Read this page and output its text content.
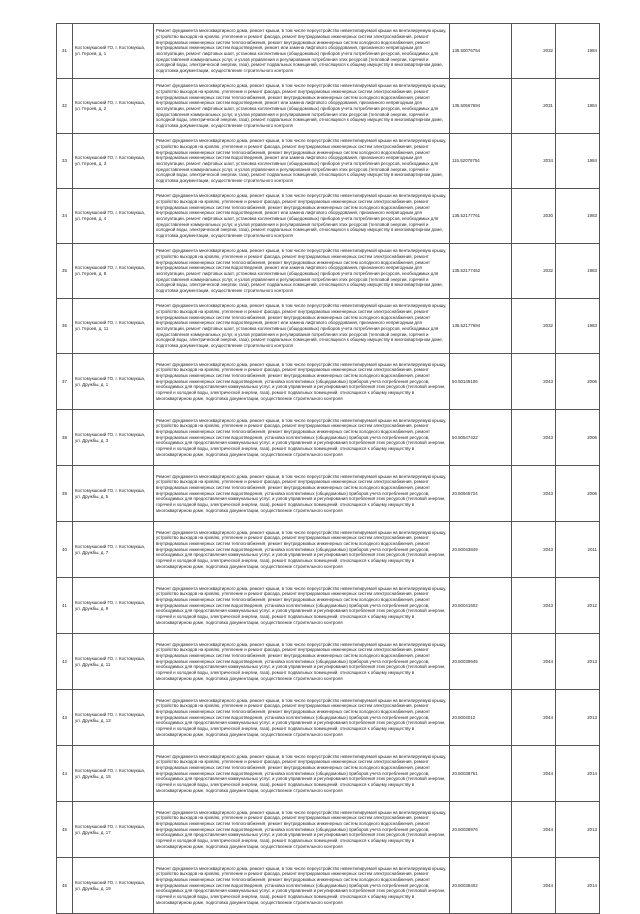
31	Костомукшский ГО, г. Костомукша, ул. Героев, д. 1	Ремонт фундамента многоквартирного дома, ремонт крыши, в том числе переустройство невентилируемой крыши на вентилируемую крышу, устройство выходов на кровлю, утепление и ремонт фасада, ремонт внутридомовых инженерных систем электроснабжения, ремонт внутридомовых инженерных систем теплоснабжения, ремонт внутридомовых инженерных систем холодного водоснабжения, ремонт внутридомовых инженерных систем водоотведения, ремонт или замена лифтового оборудования, признанного непригодным для эксплуатации, ремонт лифтовых шахт, установка коллективных (общедомовых) приборов учета потребления ресурсов, необходимых для предоставления коммунальных услуг, и узлов управления и регулирования потребления этих ресурсов (тепловой энергии, горячей и холодной воды, электрической энергии, газа), ремонт подвальных помещений, относящихся к общему имуществу в многоквартирном доме, подготовка документации, осуществление строительного контроля	135.50076754	2032	1984
32	Костомукшский ГО, г. Костомукша, ул. Героев, д. 2	Ремонт фундамента многоквартирного дома, ремонт крыши, в том числе переустройство невентилируемой крыши на вентилируемую крышу, устройство выходов на кровлю, утепление и ремонт фасада, ремонт внутридомовых инженерных систем электроснабжения, ремонт внутридомовых инженерных систем теплоснабжения, ремонт внутридомовых инженерных систем холодного водоснабжения, ремонт внутридомовых инженерных систем водоотведения, ремонт или замена лифтового оборудования, признанного непригодным для эксплуатации, ремонт лифтовых шахт, установка коллективных (общедомовых) приборов учета потребления ресурсов, необходимых для предоставления коммунальных услуг, и узлов управления и регулирования потребления этих ресурсов (тепловой энергии, горячей и холодной воды, электрической энергии, газа), ремонт подвальных помещений, относящихся к общему имуществу в многоквартирном доме, подготовка документации, осуществление строительного контроля	135.50567694	2031	1984
33	Костомукшский ГО, г. Костомукша, ул. Героев, д. 3	Ремонт фундамента многоквартирного дома, ремонт крыши, в том числе переустройство невентилируемой крыши на вентилируемую крышу, устройство выходов на кровлю, утепление и ремонт фасада, ремонт внутридомовых инженерных систем электроснабжения, ремонт внутридомовых инженерных систем теплоснабжения, ремонт внутридомовых инженерных систем холодного водоснабжения, ремонт внутридомовых инженерных систем водоотведения, ремонт или замена лифтового оборудования, признанного непригодным для эксплуатации, ремонт лифтовых шахт, установка коллективных (общедомовых) приборов учета потребления ресурсов, необходимых для предоставления коммунальных услуг, и узлов управления и регулирования потребления этих ресурсов (тепловой энергии, горячей и холодной воды, электрической энергии, газа), ремонт подвальных помещений, относящихся к общему имуществу в многоквартирном доме, подготовка документации, осуществление строительного контроля	115.52076754	2034	1984
34	Костомукшский ГО, г. Костомукша, ул. Героев, д. 4	Ремонт фундамента многоквартирного дома, ремонт крыши, в том числе переустройство невентилируемой крыши на вентилируемую крышу, устройство выходов на кровлю, утепление и ремонт фасада, ремонт внутридомовых инженерных систем электроснабжения, ремонт внутридомовых инженерных систем теплоснабжения, ремонт внутридомовых инженерных систем холодного водоснабжения, ремонт внутридомовых инженерных систем водоотведения, ремонт или замена лифтового оборудования, признанного непригодным для эксплуатации, ремонт лифтовых шахт, установка коллективных (общедомовых) приборов учета потребления ресурсов, необходимых для предоставления коммунальных услуг, и узлов управления и регулирования потребления этих ресурсов (тепловой энергии, горячей и холодной воды, электрической энергии, газа), ремонт подвальных помещений, относящихся к общему имуществу в многоквартирном доме, подготовка документации, осуществление строительного контроля	135.52177761	2030	1983
35	Костомукшский ГО, г. Костомукша, ул. Героев, д. 8	Ремонт фундамента многоквартирного дома, ремонт крыши, в том числе переустройство невентилируемой крыши на вентилируемую крышу, устройство выходов на кровлю, утепление и ремонт фасада, ремонт внутридомовых инженерных систем электроснабжения, ремонт внутридомовых инженерных систем теплоснабжения, ремонт внутридомовых инженерных систем холодного водоснабжения, ремонт внутридомовых инженерных систем водоотведения, ремонт или замена лифтового оборудования, признанного непригодным для эксплуатации, ремонт лифтовых шахт, установка коллективных (общедомовых) приборов учета потребления ресурсов, необходимых для предоставления коммунальных услуг, и узлов управления и регулирования потребления этих ресурсов (тепловой энергии, горячей и холодной воды, электрической энергии, газа), ремонт подвальных помещений, относящихся к общему имуществу в многоквартирном доме, подготовка документации, осуществление строительного контроля	135.52177462	2032	1983
36	Костомукшский ГО, г. Костомукша, ул. Героев, д. 11	Ремонт фундамента многоквартирного дома, ремонт крыши, в том числе переустройство невентилируемой крыши на вентилируемую крышу, устройство выходов на кровлю, утепление и ремонт фасада, ремонт внутридомовых инженерных систем электроснабжения, ремонт внутридомовых инженерных систем теплоснабжения, ремонт внутридомовых инженерных систем холодного водоснабжения, ремонт внутридомовых инженерных систем водоотведения, ремонт или замена лифтового оборудования, признанного непригодным для эксплуатации, ремонт лифтовых шахт, установка коллективных (общедомовых) приборов учета потребления ресурсов, необходимых для предоставления коммунальных услуг, и узлов управления и регулирования потребления этих ресурсов (тепловой энергии, горячей и холодной воды, электрической энергии, газа), ремонт подвальных помещений, относящихся к общему имуществу в многоквартирном доме, подготовка документации, осуществление строительного контроля	135.52177694	2032	1983
37	Костомукшский ГО, г. Костомукша, ул. Дружбы, д. 1	Ремонт фундамента многоквартирного дома, ремонт крыши, в том числе переустройство невентилируемой крыши на вентилируемую крышу, устройство выходов на кровлю, утепление и ремонт фасада, ремонт внутридомовых инженерных систем электроснабжения, ремонт внутридомовых инженерных систем теплоснабжения, ремонт внутридомовых инженерных систем холодного водоснабжения, ремонт внутридомовых инженерных систем водоотведения, установка коллективных (общедомовых) приборов учета потребления ресурсов, необходимых для предоставления коммунальных услуг, и узлов управления и регулирования потребления этих ресурсов (тепловой энергии, горячей и холодной воды, электрической энергии, газа), ремонт подвальных помещений, относящихся к общему имуществу в многоквартирном доме, подготовка документации, осуществление строительного контроля	50.50149106	2043	2006
38	Костомукшский ГО, г. Костомукша, ул. Дружбы, д. 3	Ремонт фундамента многоквартирного дома, ремонт крыши, в том числе переустройство невентилируемой крыши на вентилируемую крышу, устройство выходов на кровлю, утепление и ремонт фасада, ремонт внутридомовых инженерных систем электроснабжения, ремонт внутридомовых инженерных систем теплоснабжения, ремонт внутридомовых инженерных систем холодного водоснабжения, ремонт внутридомовых инженерных систем водоотведения, установка коллективных (общедомовых) приборов учета потребления ресурсов, необходимых для предоставления коммунальных услуг, и узлов управления и регулирования потребления этих ресурсов (тепловой энергии, горячей и холодной воды, электрической энергии, газа), ремонт подвальных помещений, относящихся к общему имуществу в многоквартирном доме, подготовка документации, осуществление строительного контроля	50.50547422	2043	2006
39	Костомукшский ГО, г. Костомукша, ул. Дружбы, д. 5	Ремонт фундамента многоквартирного дома, ремонт крыши, в том числе переустройство невентилируемой крыши на вентилируемую крышу, устройство выходов на кровлю, утепление и ремонт фасада, ремонт внутридомовых инженерных систем электроснабжения, ремонт внутридомовых инженерных систем теплоснабжения, ремонт внутридомовых инженерных систем холодного водоснабжения, ремонт внутридомовых инженерных систем водоотведения, установка коллективных (общедомовых) приборов учета потребления ресурсов, необходимых для предоставления коммунальных услуг, и узлов управления и регулирования потребления этих ресурсов (тепловой энергии, горячей и холодной воды, электрической энергии, газа), ремонт подвальных помещений, относящихся к общему имуществу в многоквартирном доме, подготовка документации, осуществление строительного контроля	20.50945724	2043	2006
40	Костомукшский ГО, г. Костомукша, ул. Дружбы, д. 7	Ремонт фундамента многоквартирного дома, ремонт крыши, в том числе переустройство невентилируемой крыши на вентилируемую крышу, устройство выходов на кровлю, утепление и ремонт фасада, ремонт внутридомовых инженерных систем электроснабжения, ремонт внутридомовых инженерных систем теплоснабжения, ремонт внутридомовых инженерных систем холодного водоснабжения, ремонт внутридомовых инженерных систем водоотведения, установка коллективных (общедомовых) приборов учета потребления ресурсов, необходимых для предоставления коммунальных услуг, и узлов управления и регулирования потребления этих ресурсов (тепловой энергии, горячей и холодной воды, электрической энергии, газа), ремонт подвальных помещений, относящихся к общему имуществу в многоквартирном доме, подготовка документации, осуществление строительного контроля	20.50043849	2043	2011
41	Костомукшский ГО, г. Костомукша, ул. Дружбы, д. 9	Ремонт фундамента многоквартирного дома, ремонт крыши, в том числе переустройство невентилируемой крыши на вентилируемую крышу, устройство выходов на кровлю, утепление и ремонт фасада, ремонт внутридомовых инженерных систем электроснабжения, ремонт внутридомовых инженерных систем теплоснабжения, ремонт внутридомовых инженерных систем холодного водоснабжения, ремонт внутридомовых инженерных систем водоотведения, установка коллективных (общедомовых) приборов учета потребления ресурсов, необходимых для предоставления коммунальных услуг, и узлов управления и регулирования потребления этих ресурсов (тепловой энергии, горячей и холодной воды, электрической энергии, газа), ремонт подвальных помещений, относящихся к общему имуществу в многоквартирном доме, подготовка документации, осуществление строительного контроля	20.50041502	2043	2012
42	Костомукшский ГО, г. Костомукша, ул. Дружбы, д. 11	Ремонт фундамента многоквартирного дома, ремонт крыши, в том числе переустройство невентилируемой крыши на вентилируемую крышу, устройство выходов на кровлю, утепление и ремонт фасада, ремонт внутридомовых инженерных систем электроснабжения, ремонт внутридомовых инженерных систем теплоснабжения, ремонт внутридомовых инженерных систем холодного водоснабжения, ремонт внутридомовых инженерных систем водоотведения, установка коллективных (общедомовых) приборов учета потребления ресурсов, необходимых для предоставления коммунальных услуг, и узлов управления и регулирования потребления этих ресурсов (тепловой энергии, горячей и холодной воды, электрической энергии, газа), ремонт подвальных помещений, относящихся к общему имуществу в многоквартирном доме, подготовка документации, осуществление строительного контроля	20.50039945	2044	2013
43	Костомукшский ГО, г. Костомукша, ул. Дружбы, д. 13	Ремонт фундамента многоквартирного дома, ремонт крыши, в том числе переустройство невентилируемой крыши на вентилируемую крышу, устройство выходов на кровлю, утепление и ремонт фасада, ремонт внутридомовых инженерных систем электроснабжения, ремонт внутридомовых инженерных систем теплоснабжения, ремонт внутридомовых инженерных систем холодного водоснабжения, ремонт внутридомовых инженерных систем водоотведения, установка коллективных (общедомовых) приборов учета потребления ресурсов, необходимых для предоставления коммунальных услуг, и узлов управления и регулирования потребления этих ресурсов (тепловой энергии, горячей и холодной воды, электрической энергии, газа), ремонт подвальных помещений, относящихся к общему имуществу в многоквартирном доме, подготовка документации, осуществление строительного контроля	20.5004012	2044	2013
44	Костомукшский ГО, г. Костомукша, ул. Дружбы, д. 15	Ремонт фундамента многоквартирного дома, ремонт крыши, в том числе переустройство невентилируемой крыши на вентилируемую крышу, устройство выходов на кровлю, утепление и ремонт фасада, ремонт внутридомовых инженерных систем электроснабжения, ремонт внутридомовых инженерных систем теплоснабжения, ремонт внутридомовых инженерных систем холодного водоснабжения, ремонт внутридомовых инженерных систем водоотведения, установка коллективных (общедомовых) приборов учета потребления ресурсов, необходимых для предоставления коммунальных услуг, и узлов управления и регулирования потребления этих ресурсов (тепловой энергии, горячей и холодной воды, электрической энергии, газа), ремонт подвальных помещений, относящихся к общему имуществу в многоквартирном доме, подготовка документации, осуществление строительного контроля	20.50038761	2044	2014
45	Костомукшский ГО, г. Костомукша, ул. Дружбы, д. 17	Ремонт фундамента многоквартирного дома, ремонт крыши, в том числе переустройство невентилируемой крыши на вентилируемую крышу, устройство выходов на кровлю, утепление и ремонт фасада, ремонт внутридомовых инженерных систем электроснабжения, ремонт внутридомовых инженерных систем теплоснабжения, ремонт внутридомовых инженерных систем холодного водоснабжения, ремонт внутридомовых инженерных систем водоотведения, установка коллективных (общедомовых) приборов учета потребления ресурсов, необходимых для предоставления коммунальных услуг, и узлов управления и регулирования потребления этих ресурсов (тепловой энергии, горячей и холодной воды, электрической энергии, газа), ремонт подвальных помещений, относящихся к общему имуществу в многоквартирном доме, подготовка документации, осуществление строительного контроля	20.50038976	2044	2013
46	Костомукшский ГО, г. Костомукша, ул. Дружбы, д. 19	Ремонт фундамента многоквартирного дома, ремонт крыши, в том числе переустройство невентилируемой крыши на вентилируемую крышу, устройство выходов на кровлю, утепление и ремонт фасада, ремонт внутридомовых инженерных систем электроснабжения, ремонт внутридомовых инженерных систем теплоснабжения, ремонт внутридомовых инженерных систем холодного водоснабжения, ремонт внутридомовых инженерных систем водоотведения, установка коллективных (общедомовых) приборов учета потребления ресурсов, необходимых для предоставления коммунальных услуг, и узлов управления и регулирования потребления этих ресурсов (тепловой энергии, горячей и холодной воды, электрической энергии, газа), ремонт подвальных помещений, относящихся к общему имуществу в многоквартирном доме, подготовка документации, осуществление строительного контроля	20.50038402	2044	2014
